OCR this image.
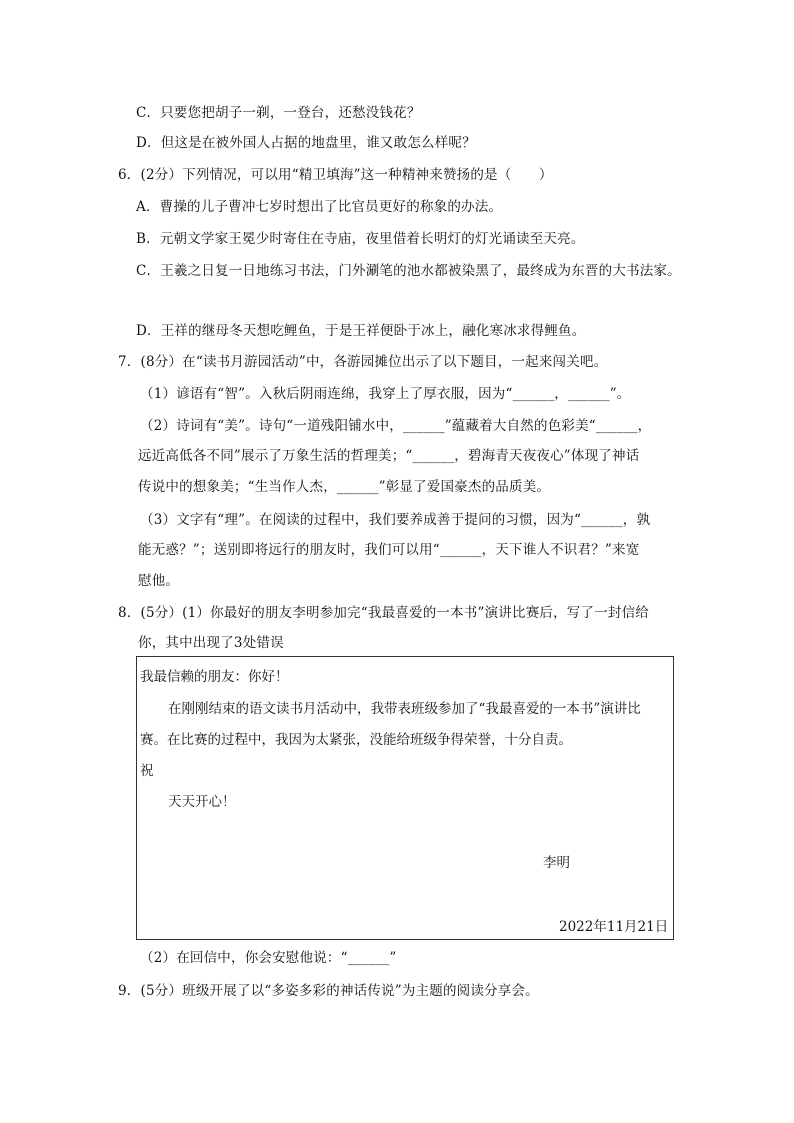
C．只要您把胡子一剃，一登台，还愁没钱花？
D．但这是在被外国人占据的地盘里，谁又敢怎么样呢？
6．(2分）下列情况，可以用“精卫填海”这一种精神来赞扬的是（　　）
A．曹操的儿子曹冲七岁时想出了比官员更好的称象的办法。
B．元朝文学家王冕少时寄住在寺庙，夜里借着长明灯的灯光诵读至天亮。
C．王羲之日复一日地练习书法，门外涮笔的池水都被染黑了，最终成为东晋的大书法家。
D．王祥的继母冬天想吃鲤鱼，于是王祥便卧于冰上，融化寒冰求得鲤鱼。
7．(8分）在“读书月游园活动”中，各游园摊位出示了以下题目，一起来闯关吧。
（1）谚语有“智”。入秋后阴雨连绵，我穿上了厚衣服，因为“______，______”。
（2）诗词有“美”。诗句“一道残阳铺水中，______”蕴藏着大自然的色彩美“______，
远近高低各不同”展示了万象生活的哲理美；“______，碧海青天夜夜心”体现了神话
传说中的想象美；“生当作人杰，______”彰显了爱国豪杰的品质美。
（3）文字有“理”。在阅读的过程中，我们要养成善于提问的习惯，因为“______，孰
能无惑？”；送别即将远行的朋友时，我们可以用“______，天下谁人不识君？”来宽
慰他。
8．(5分）(1）你最好的朋友李明参加完“我最喜爱的一本书”演讲比赛后，写了一封信给
你，其中出现了3处错误
我最信赖的朋友：你好！
在刚刚结束的语文读书月活动中，我带表班级参加了“我最喜爱的一本书”演讲比
赛。在比赛的过程中，我因为太紧张，没能给班级争得荣誉，十分自责。
祝
天天开心！
李明
2022年11月21日
（2）在回信中，你会安慰他说：“______”
9．(5分）班级开展了以“多姿多彩的神话传说”为主题的阅读分享会。
